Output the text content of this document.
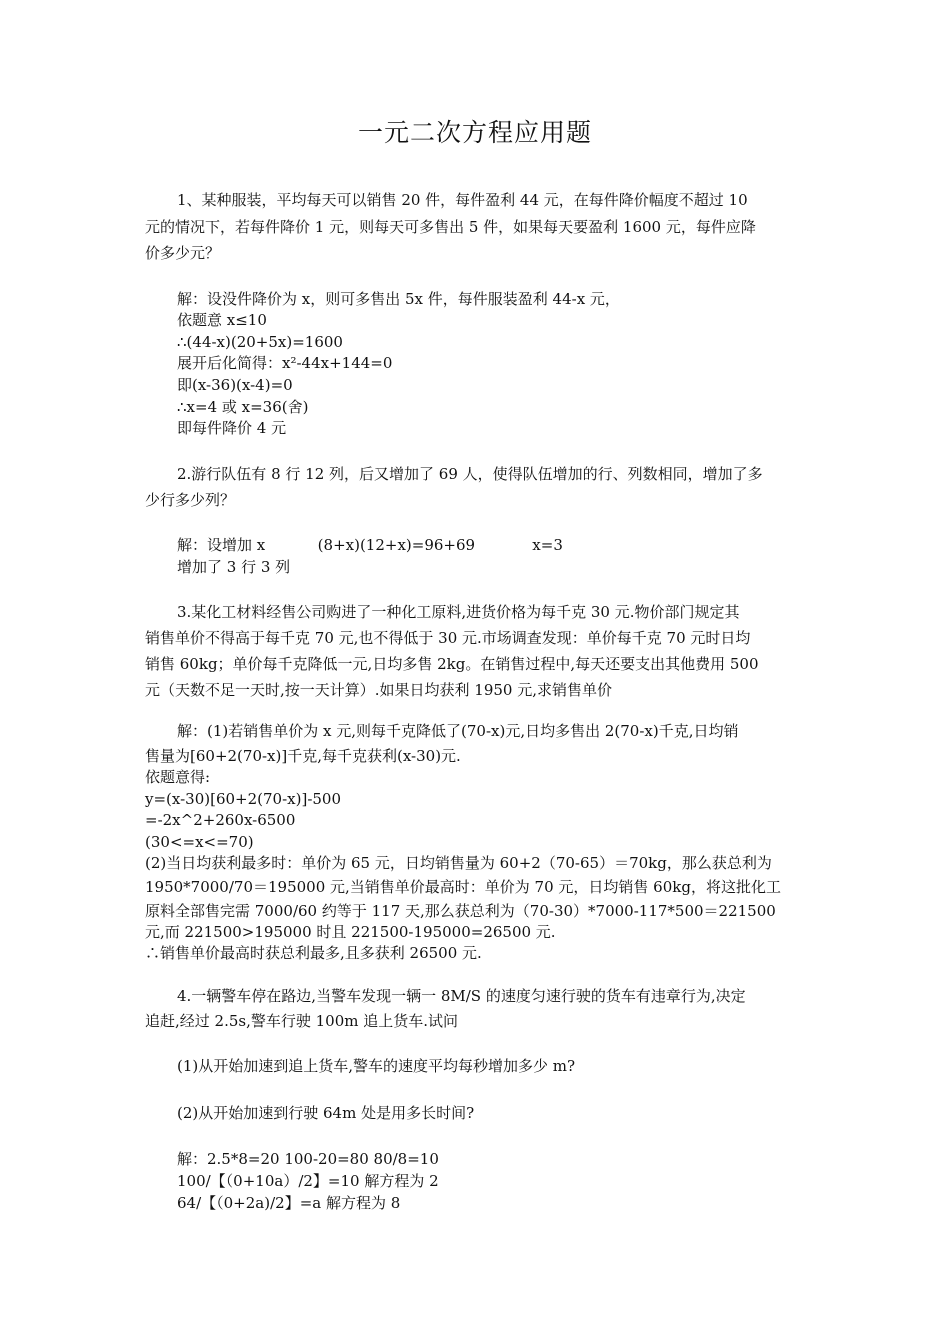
一元二次方程应用题
1、某种服装，平均每天可以销售 20 件，每件盈利 44 元，在每件降价幅度不超过 10
元的情况下，若每件降价 1 元，则每天可多售出 5 件，如果每天要盈利 1600 元，每件应降
价多少元？
解：设没件降价为 x，则可多售出 5x 件，每件服装盈利 44-x 元，
依题意 x≤10
∴(44-x)(20+5x)=1600
展开后化简得：x²-44x+144=0
即(x-36)(x-4)=0
∴x=4 或 x=36(舍)
即每件降价 4 元
2.游行队伍有 8 行 12 列，后又增加了 69 人，使得队伍增加的行、列数相同，增加了多
少行多少列？
解：设增加 x           (8+x)(12+x)=96+69            x=3
增加了 3 行 3 列
3.某化工材料经售公司购进了一种化工原料,进货价格为每千克 30 元.物价部门规定其
销售单价不得高于每千克 70 元,也不得低于 30 元.市场调查发现：单价每千克 70 元时日均
销售 60kg；单价每千克降低一元,日均多售 2kg。在销售过程中,每天还要支出其他费用 500
元（天数不足一天时,按一天计算）.如果日均获利 1950 元,求销售单价
解：(1)若销售单价为 x 元,则每千克降低了(70-x)元,日均多售出 2(70-x)千克,日均销
售量为[60+2(70-x)]千克,每千克获利(x-30)元.
依题意得:
y=(x-30)[60+2(70-x)]-500
=-2x^2+260x-6500
(30<=x<=70)
(2)当日均获利最多时：单价为 65 元，日均销售量为 60+2（70-65）＝70kg，那么获总利为
1950*7000/70＝195000 元,当销售单价最高时：单价为 70 元，日均销售 60kg，将这批化工
原料全部售完需 7000/60 约等于 117 天,那么获总利为（70-30）*7000-117*500＝221500
元,而 221500>195000 时且 221500-195000=26500 元.
∴销售单价最高时获总利最多,且多获利 26500 元.
4.一辆警车停在路边,当警车发现一辆一 8M/S 的速度匀速行驶的货车有违章行为,决定
追赶,经过 2.5s,警车行驶 100m 追上货车.试问
(1)从开始加速到追上货车,警车的速度平均每秒增加多少 m?
(2)从开始加速到行驶 64m 处是用多长时间?
解：2.5*8=20 100-20=80 80/8=10
100/【（0+10a）/2】=10 解方程为 2
64/【（0+2a)/2】=a 解方程为 8
